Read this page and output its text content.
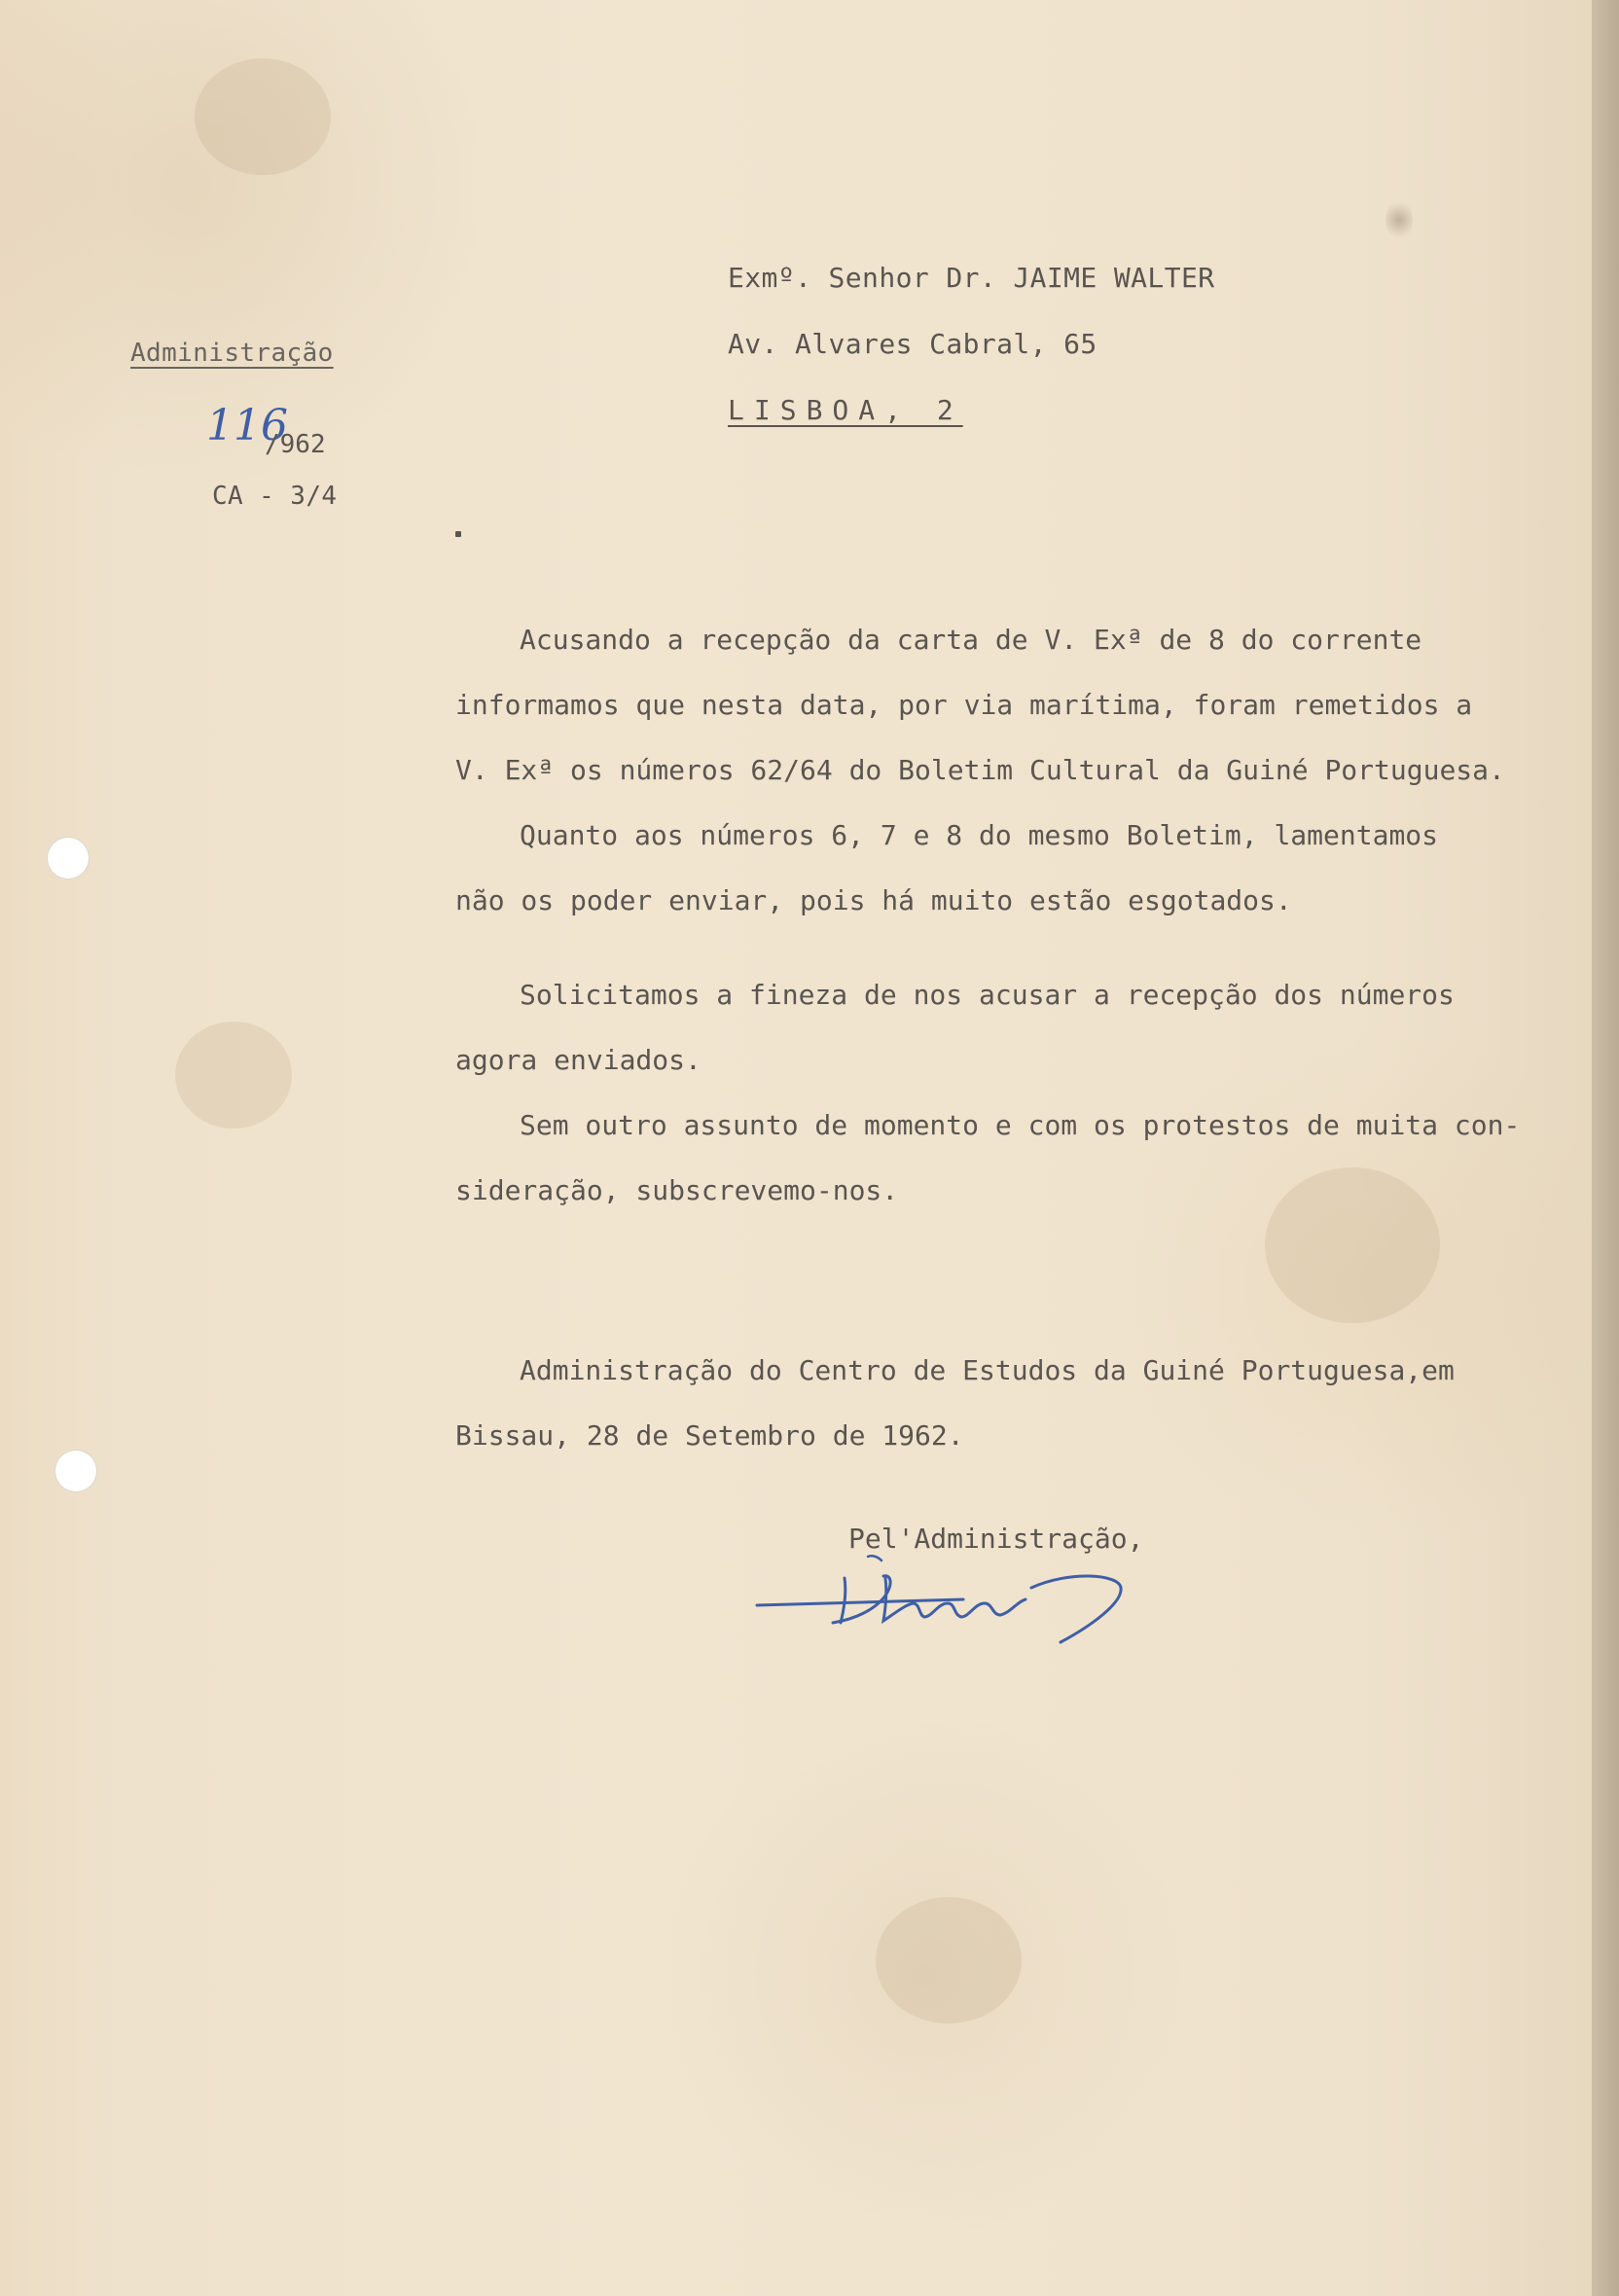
Exmº. Senhor Dr. JAIME WALTER
Av. Alvares Cabral, 65
LISBOA, 2
Administração
116
/962
CA - 3/4
Acusando a recepção da carta de V. Exª de 8 do corrente
informamos que nesta data, por via marítima, foram remetidos a
V. Exª os números 62/64 do Boletim Cultural da Guiné Portuguesa.
Quanto aos números 6, 7 e 8 do mesmo Boletim, lamentamos
não os poder enviar, pois há muito estão esgotados.
Solicitamos a fineza de nos acusar a recepção dos números
agora enviados.
Sem outro assunto de momento e com os protestos de muita con-
sideração, subscrevemo-nos.
Administração do Centro de Estudos da Guiné Portuguesa,em
Bissau, 28 de Setembro de 1962.
Pel'Administração,
